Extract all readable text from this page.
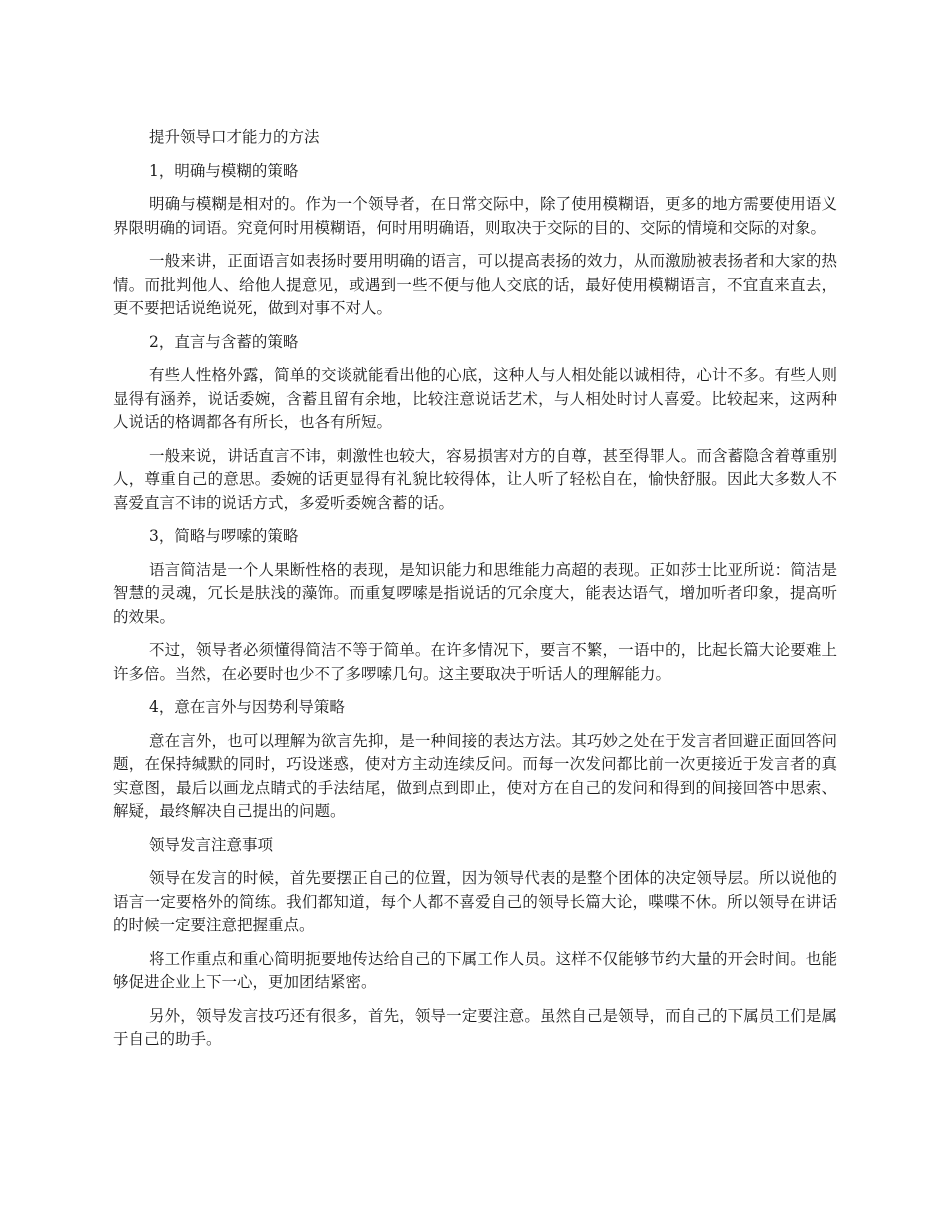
提升领导口才能力的方法

1，明确与模糊的策略

明确与模糊是相对的。作为一个领导者，在日常交际中，除了使用模糊语，更多的地方需要使用语义界限明确的词语。究竟何时用模糊语，何时用明确语，则取决于交际的目的、交际的情境和交际的对象。

一般来讲，正面语言如表扬时要用明确的语言，可以提高表扬的效力，从而激励被表扬者和大家的热情。而批判他人、给他人提意见，或遇到一些不便与他人交底的话，最好使用模糊语言，不宜直来直去，更不要把话说绝说死，做到对事不对人。

2，直言与含蓄的策略

有些人性格外露，简单的交谈就能看出他的心底，这种人与人相处能以诚相待，心计不多。有些人则显得有涵养，说话委婉，含蓄且留有余地，比较注意说话艺术，与人相处时讨人喜爱。比较起来，这两种人说话的格调都各有所长，也各有所短。

一般来说，讲话直言不讳，刺激性也较大，容易损害对方的自尊，甚至得罪人。而含蓄隐含着尊重别人，尊重自己的意思。委婉的话更显得有礼貌比较得体，让人听了轻松自在，愉快舒服。因此大多数人不喜爱直言不讳的说话方式，多爱听委婉含蓄的话。

3，简略与啰嗦的策略

语言简洁是一个人果断性格的表现，是知识能力和思维能力高超的表现。正如莎士比亚所说：简洁是智慧的灵魂，冗长是肤浅的藻饰。而重复啰嗦是指说话的冗余度大，能表达语气，增加听者印象，提高听的效果。

不过，领导者必须懂得简洁不等于简单。在许多情况下，要言不繁，一语中的，比起长篇大论要难上许多倍。当然，在必要时也少不了多啰嗦几句。这主要取决于听话人的理解能力。

4，意在言外与因势利导策略

意在言外，也可以理解为欲言先抑，是一种间接的表达方法。其巧妙之处在于发言者回避正面回答问题，在保持缄默的同时，巧设迷惑，使对方主动连续反问。而每一次发问都比前一次更接近于发言者的真实意图，最后以画龙点睛式的手法结尾，做到点到即止，使对方在自己的发问和得到的间接回答中思索、解疑，最终解决自己提出的问题。

领导发言注意事项

领导在发言的时候，首先要摆正自己的位置，因为领导代表的是整个团体的决定领导层。所以说他的语言一定要格外的简练。我们都知道，每个人都不喜爱自己的领导长篇大论，喋喋不休。所以领导在讲话的时候一定要注意把握重点。

将工作重点和重心简明扼要地传达给自己的下属工作人员。这样不仅能够节约大量的开会时间。也能够促进企业上下一心，更加团结紧密。

另外，领导发言技巧还有很多，首先，领导一定要注意。虽然自己是领导，而自己的下属员工们是属于自己的助手。
